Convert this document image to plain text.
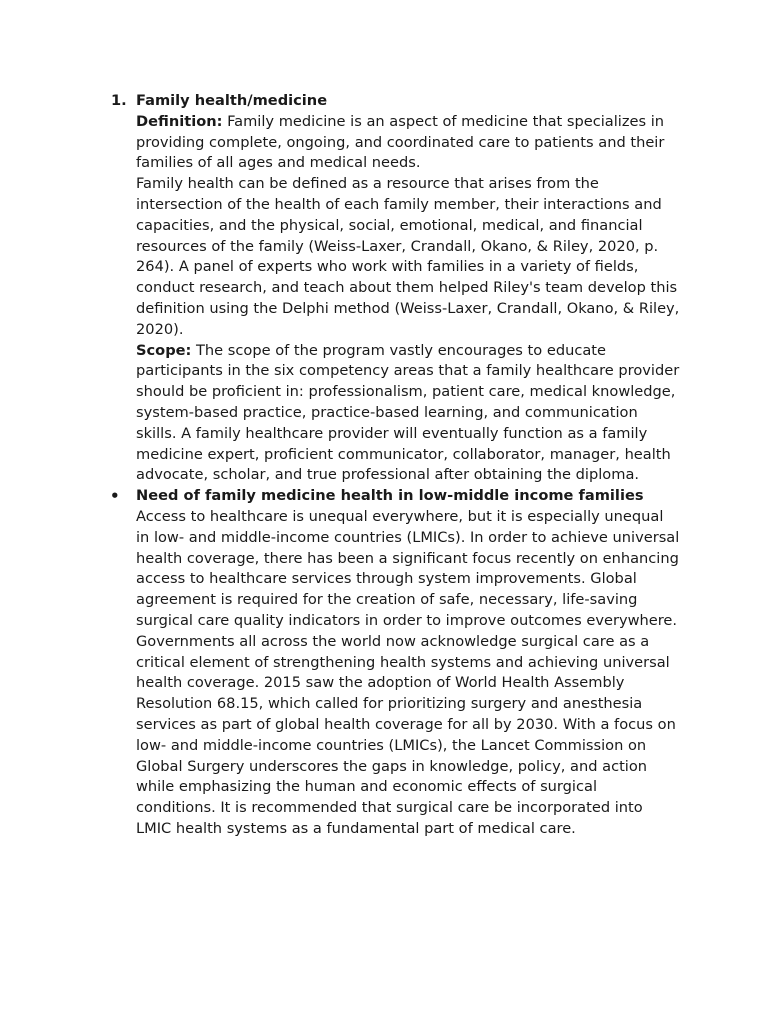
1. Family health/medicine

Definition: Family medicine is an aspect of medicine that specializes in providing complete, ongoing, and coordinated care to patients and their families of all ages and medical needs.

Family health can be defined as a resource that arises from the intersection of the health of each family member, their interactions and capacities, and the physical, social, emotional, medical, and financial resources of the family (Weiss-Laxer, Crandall, Okano, & Riley, 2020, p. 264). A panel of experts who work with families in a variety of fields, conduct research, and teach about them helped Riley's team develop this definition using the Delphi method (Weiss-Laxer, Crandall, Okano, & Riley, 2020).

Scope: The scope of the program vastly encourages to educate participants in the six competency areas that a family healthcare provider should be proficient in: professionalism, patient care, medical knowledge, system-based practice, practice-based learning, and communication skills. A family healthcare provider will eventually function as a family medicine expert, proficient communicator, collaborator, manager, health advocate, scholar, and true professional after obtaining the diploma.

• Need of family medicine health in low-middle income families

Access to healthcare is unequal everywhere, but it is especially unequal in low- and middle-income countries (LMICs). In order to achieve universal health coverage, there has been a significant focus recently on enhancing access to healthcare services through system improvements. Global agreement is required for the creation of safe, necessary, life-saving surgical care quality indicators in order to improve outcomes everywhere.

Governments all across the world now acknowledge surgical care as a critical element of strengthening health systems and achieving universal health coverage. 2015 saw the adoption of World Health Assembly Resolution 68.15, which called for prioritizing surgery and anesthesia services as part of global health coverage for all by 2030. With a focus on low- and middle-income countries (LMICs), the Lancet Commission on Global Surgery underscores the gaps in knowledge, policy, and action while emphasizing the human and economic effects of surgical conditions. It is recommended that surgical care be incorporated into LMIC health systems as a fundamental part of medical care.
